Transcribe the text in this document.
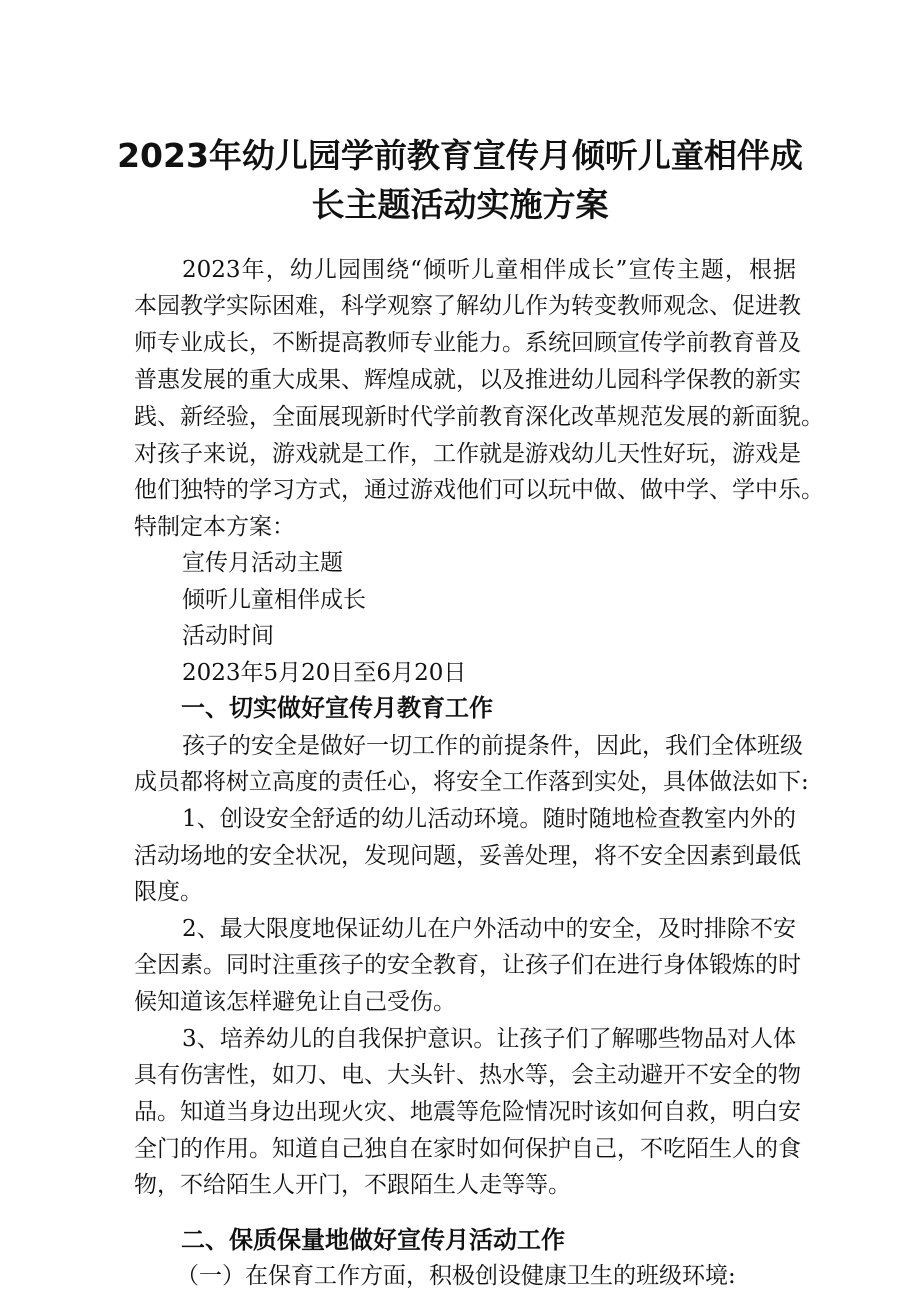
2023年幼儿园学前教育宣传月倾听儿童相伴成
长主题活动实施方案
2023年，幼儿园围绕“倾听儿童相伴成长”宣传主题，根据
本园教学实际困难，科学观察了解幼儿作为转变教师观念、促进教
师专业成长，不断提高教师专业能力。系统回顾宣传学前教育普及
普惠发展的重大成果、辉煌成就，以及推进幼儿园科学保教的新实
践、新经验，全面展现新时代学前教育深化改革规范发展的新面貌。
对孩子来说，游戏就是工作，工作就是游戏幼儿天性好玩，游戏是
他们独特的学习方式，通过游戏他们可以玩中做、做中学、学中乐。
特制定本方案：
宣传月活动主题
倾听儿童相伴成长
活动时间
2023年5月20日至6月20日
一、切实做好宣传月教育工作
孩子的安全是做好一切工作的前提条件，因此，我们全体班级
成员都将树立高度的责任心，将安全工作落到实处，具体做法如下:
1、创设安全舒适的幼儿活动环境。随时随地检查教室内外的
活动场地的安全状况，发现问题，妥善处理，将不安全因素到最低
限度。
2、最大限度地保证幼儿在户外活动中的安全，及时排除不安
全因素。同时注重孩子的安全教育，让孩子们在进行身体锻炼的时
候知道该怎样避免让自己受伤。
3、培养幼儿的自我保护意识。让孩子们了解哪些物品对人体
具有伤害性，如刀、电、大头针、热水等，会主动避开不安全的物
品。知道当身边出现火灾、地震等危险情况时该如何自救，明白安
全门的作用。知道自己独自在家时如何保护自己，不吃陌生人的食
物，不给陌生人开门，不跟陌生人走等等。
二、保质保量地做好宣传月活动工作
（一）在保育工作方面，积极创设健康卫生的班级环境:
